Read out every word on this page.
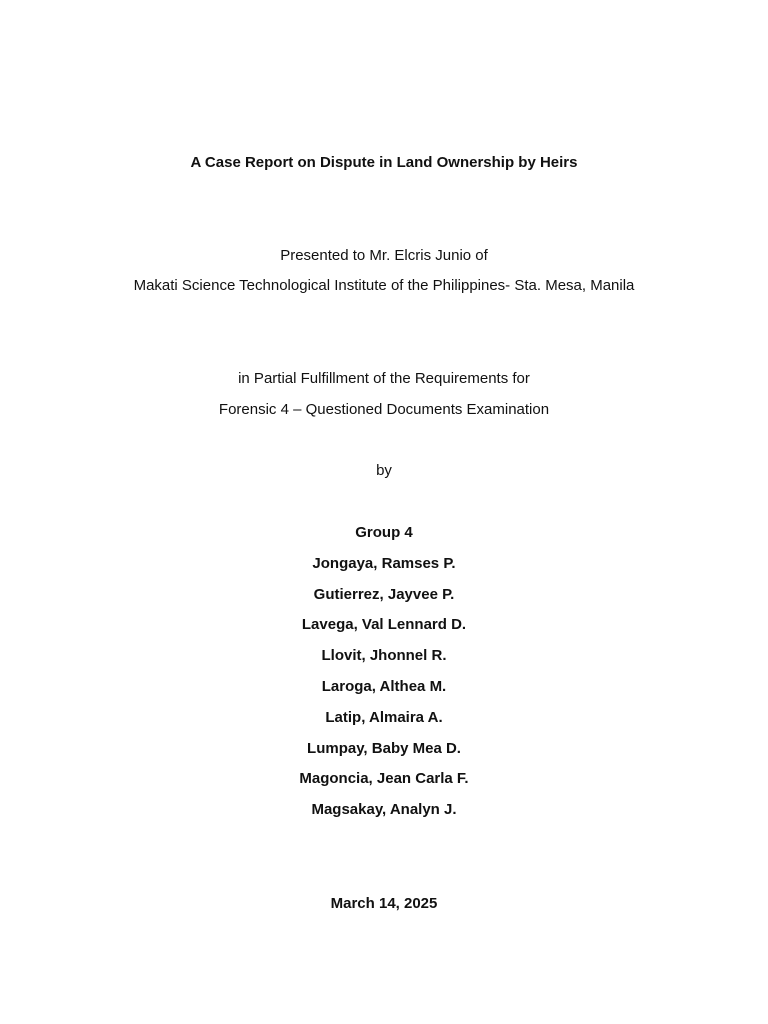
A Case Report on Dispute in Land Ownership by Heirs
Presented to Mr. Elcris Junio of
Makati Science Technological Institute of the Philippines- Sta. Mesa, Manila
in Partial Fulfillment of the Requirements for
Forensic 4 – Questioned Documents Examination
by
Group 4
Jongaya, Ramses P.
Gutierrez, Jayvee P.
Lavega, Val Lennard D.
Llovit, Jhonnel R.
Laroga, Althea M.
Latip, Almaira A.
Lumpay, Baby Mea D.
Magoncia, Jean Carla F.
Magsakay, Analyn J.
March 14, 2025
